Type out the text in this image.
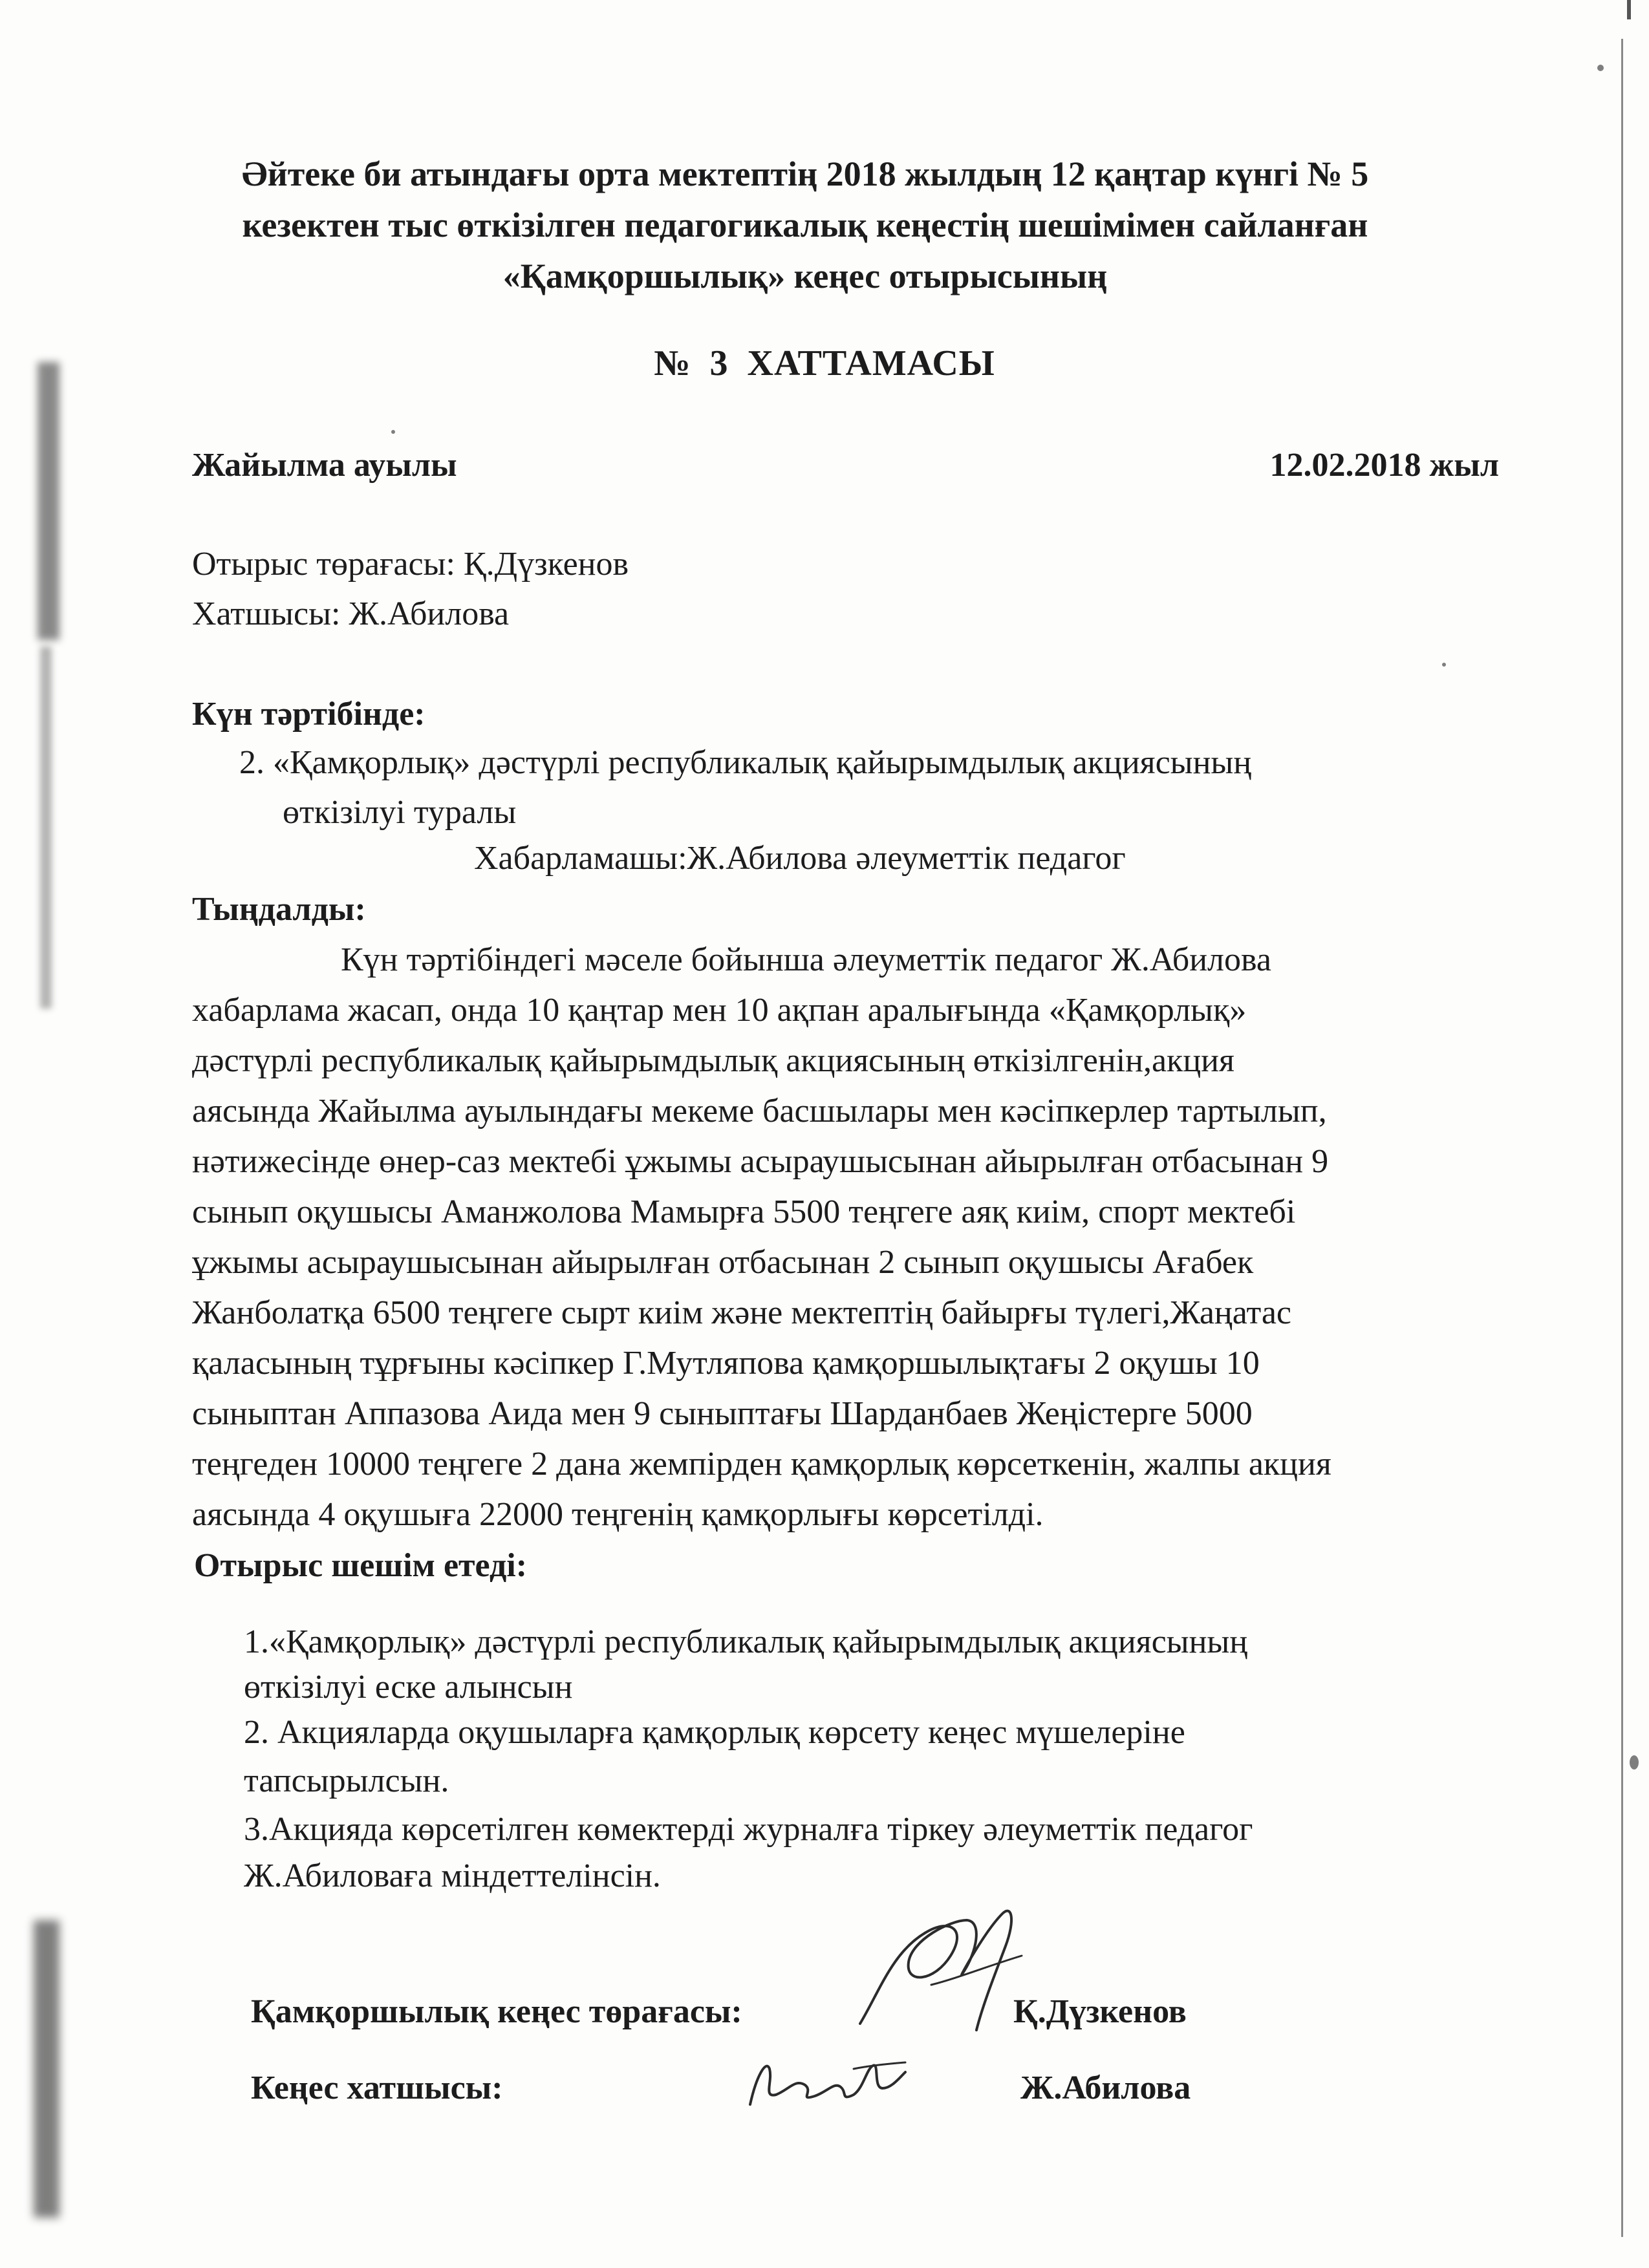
Әйтеке би атындағы орта мектептің 2018 жылдың 12 қаңтар күнгі № 5
кезектен тыс өткізілген педагогикалық кеңестің шешімімен сайланған
«Қамқоршылық» кеңес отырысының
№ 3 ХАТТАМАСЫ
Жайылма ауылы	12.02.2018 жыл
Отырыс төрағасы: Қ.Дүзкенов
Хатшысы: Ж.Абилова
Күн тәртібінде:
2. «Қамқорлық» дәстүрлі республикалық қайырымдылық акциясының
өткізілуі туралы
Хабарламашы:Ж.Абилова әлеуметтік педагог
Тыңдалды:
Күн тәртібіндегі мәселе бойынша әлеуметтік педагог Ж.Абилова
хабарлама жасап, онда 10 қаңтар мен 10 ақпан аралығында «Қамқорлық»
дәстүрлі республикалық қайырымдылық акциясының өткізілгенін,акция
аясында Жайылма ауылындағы мекеме басшылары мен кәсіпкерлер тартылып,
нәтижесінде өнер-саз мектебі ұжымы асыраушысынан айырылған отбасынан 9
сынып оқушысы Аманжолова Мамырға 5500 теңгеге аяқ киім, спорт мектебі
ұжымы асыраушысынан айырылған отбасынан 2 сынып оқушысы Ағабек
Жанболатқа 6500 теңгеге сырт киім және мектептің байырғы түлегі,Жаңатас
қаласының тұрғыны кәсіпкер Г.Мутляпова қамқоршылықтағы 2 оқушы 10
сыныптан Аппазова Аида мен 9 сыныптағы Шарданбаев Жеңістерге 5000
теңгеден 10000 теңгеге 2 дана жемпірден қамқорлық көрсеткенін, жалпы акция
аясында 4 оқушыға 22000 теңгенің қамқорлығы көрсетілді.
Отырыс шешім етеді:
1.«Қамқорлық» дәстүрлі республикалық қайырымдылық акциясының
өткізілуі еске алынсын
2. Акцияларда оқушыларға қамқорлық көрсету кеңес мүшелеріне
тапсырылсын.
3.Акцияда көрсетілген көмектерді журналға тіркеу әлеуметтік педагог
Ж.Абиловаға міндеттелінсін.
Қамқоршылық кеңес төрағасы:	Қ.Дүзкенов
Кеңес хатшысы:	Ж.Абилова
